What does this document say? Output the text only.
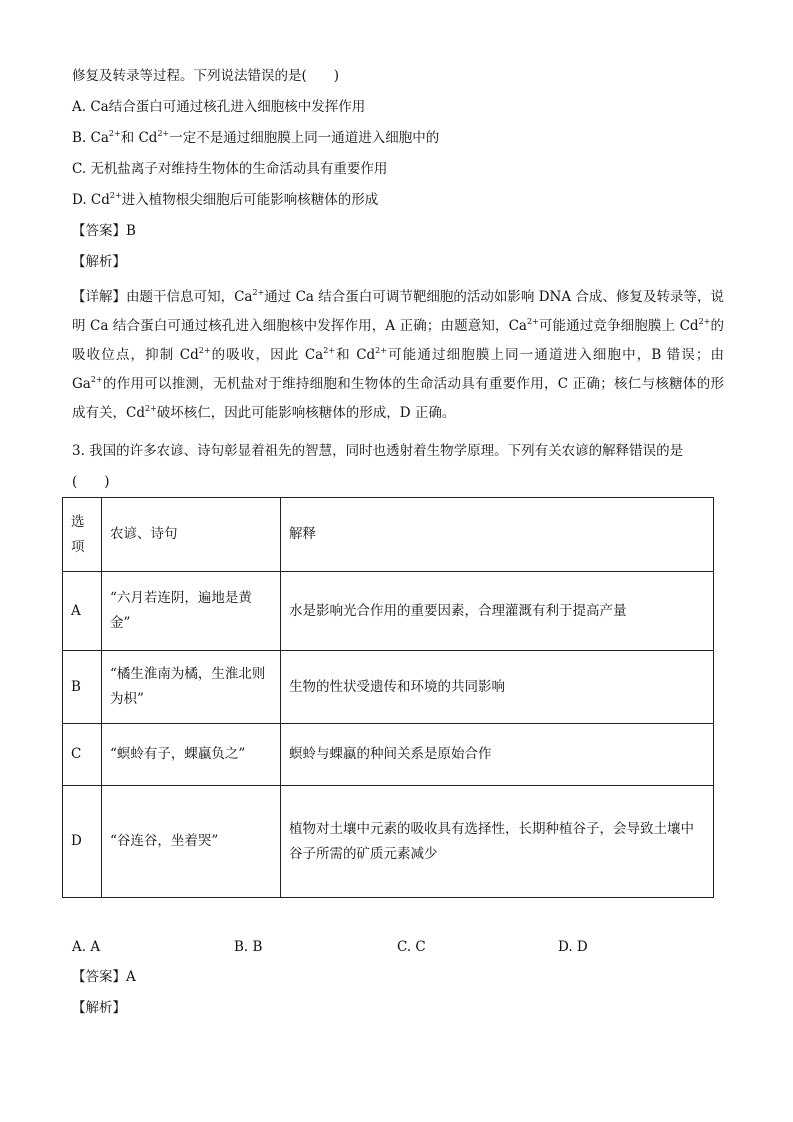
修复及转录等过程。下列说法错误的是(　　)
A. Ca结合蛋白可通过核孔进入细胞核中发挥作用
B. $Ca^{2+}$和 $Cd^{2+}$一定不是通过细胞膜上同一通道进入细胞中的
C. 无机盐离子对维持生物体的生命活动具有重要作用
D. $Cd^{2+}$进入植物根尖细胞后可能影响核糖体的形成
【答案】B
【解析】
【详解】由题干信息可知，$Ca^{2+}$通过 Ca 结合蛋白可调节靶细胞的活动如影响 DNA 合成、修复及转录等，说明 Ca 结合蛋白可通过核孔进入细胞核中发挥作用，A 正确；由题意知，$Ca^{2+}$可能通过竞争细胞膜上 $Cd^{2+}$的吸收位点，抑制 $Cd^{2+}$的吸收，因此 $Ca^{2+}$和 $Cd^{2+}$可能通过细胞膜上同一通道进入细胞中，B 错误；由 $Ga^{2+}$的作用可以推测，无机盐对于维持细胞和生物体的生命活动具有重要作用，C 正确；核仁与核糖体的形成有关，$Cd^{2+}$破坏核仁，因此可能影响核糖体的形成，D 正确。
3. 我国的许多农谚、诗句彰显着祖先的智慧，同时也透射着生物学原理。下列有关农谚的解释错误的是
(　　)
选项	农谚、诗句	解释
A	“六月若连阴，遍地是黄金”	水是影响光合作用的重要因素，合理灌溉有利于提高产量
B	“橘生淮南为橘，生淮北则为枳”	生物的性状受遗传和环境的共同影响
C	“螟蛉有子，蜾蠃负之”	螟蛉与蜾蠃的种间关系是原始合作
D	“谷连谷，坐着哭”	植物对土壤中元素的吸收具有选择性，长期种植谷子，会导致土壤中谷子所需的矿质元素减少
A. A	B. B	C. C	D. D
【答案】A
【解析】
